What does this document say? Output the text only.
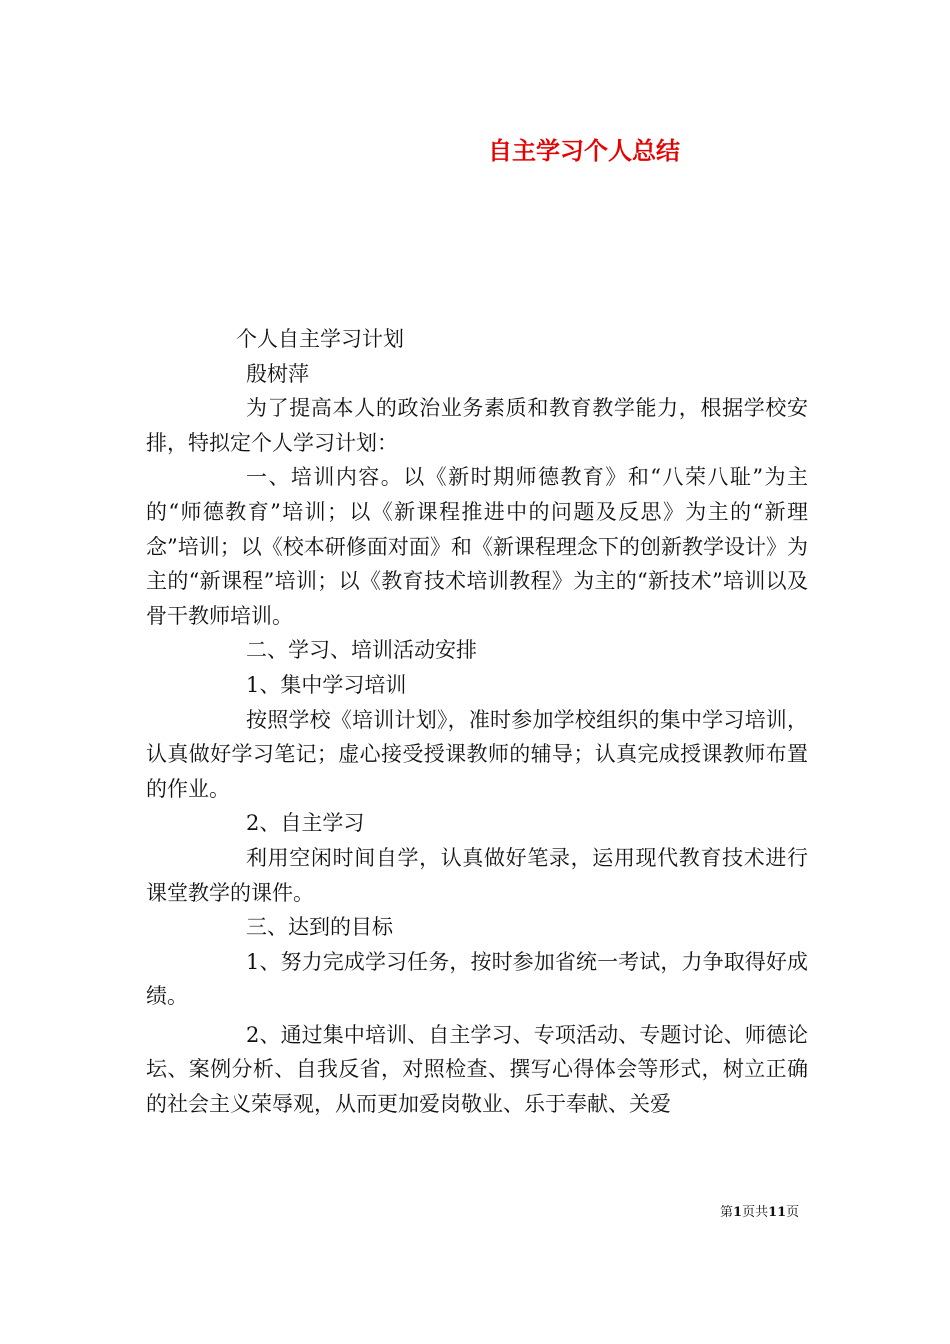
自主学习个人总结

个人自主学习计划

殷树萍

为了提高本人的政治业务素质和教育教学能力，根据学校安排，特拟定个人学习计划：

一、培训内容。以《新时期师德教育》和“八荣八耻”为主的“师德教育”培训；以《新课程推进中的问题及反思》为主的“新理念”培训；以《校本研修面对面》和《新课程理念下的创新教学设计》为主的“新课程”培训；以《教育技术培训教程》为主的“新技术”培训以及骨干教师培训。

二、学习、培训活动安排

1、集中学习培训

按照学校《培训计划》，准时参加学校组织的集中学习培训，认真做好学习笔记；虚心接受授课教师的辅导；认真完成授课教师布置的作业。

2、自主学习

利用空闲时间自学，认真做好笔录，运用现代教育技术进行课堂教学的课件。

三、达到的目标

1、努力完成学习任务，按时参加省统一考试，力争取得好成绩。

2、通过集中培训、自主学习、专项活动、专题讨论、师德论坛、案例分析、自我反省，对照检查、撰写心得体会等形式，树立正确的社会主义荣辱观，从而更加爱岗敬业、乐于奉献、关爱

第1页共11页
